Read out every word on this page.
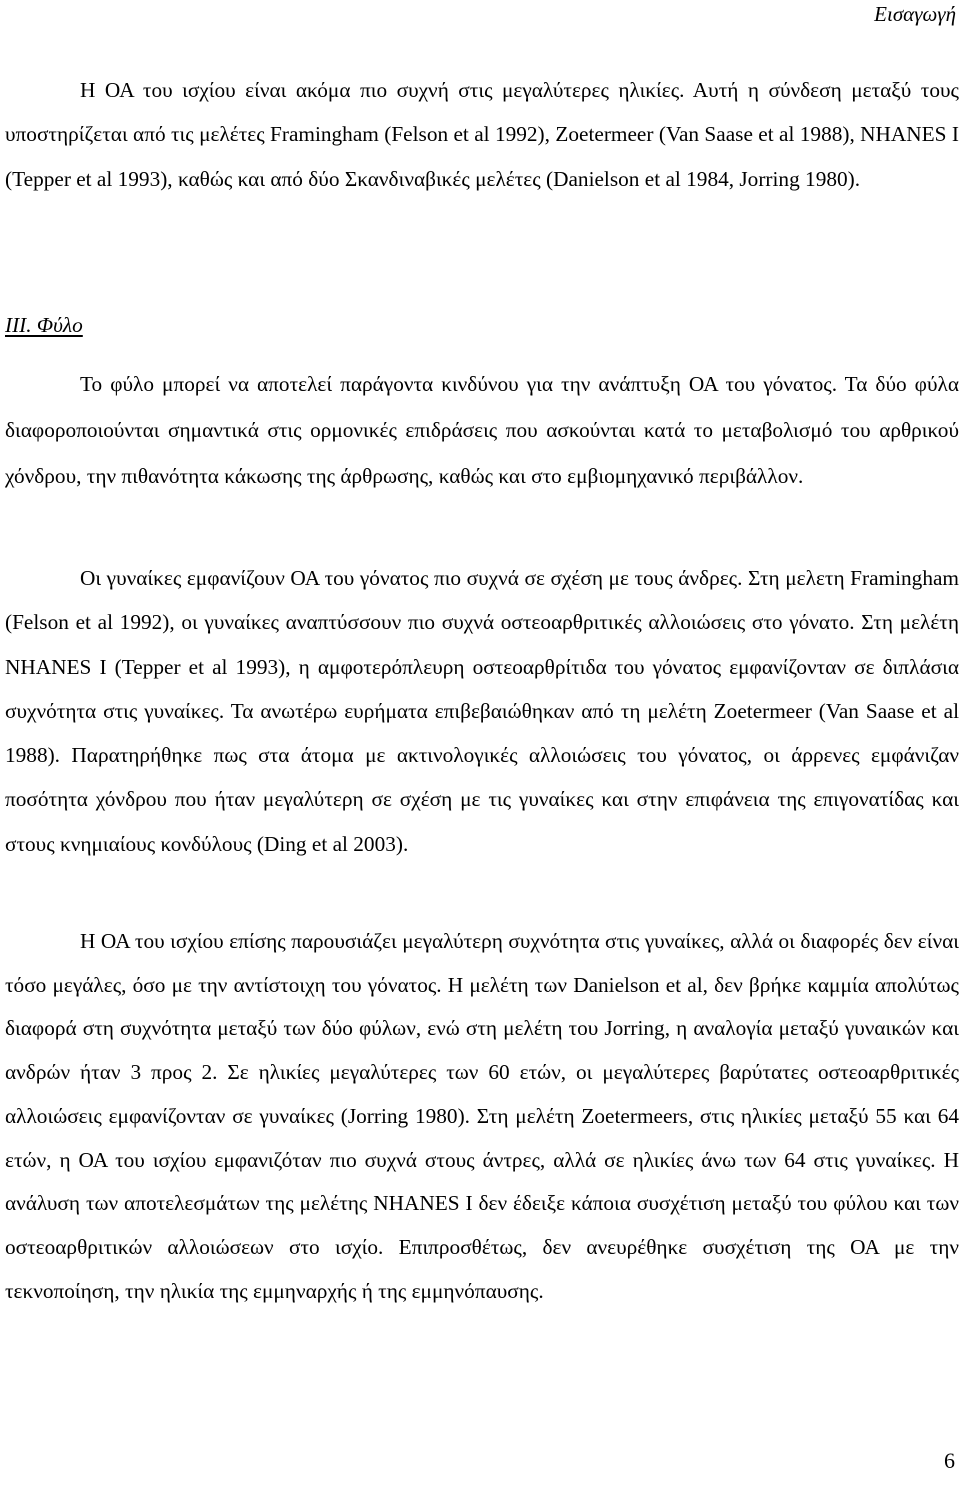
Εισαγωγή

Η ΟΑ του ισχίου είναι ακόμα πιο συχνή στις μεγαλύτερες ηλικίες. Αυτή η σύνδεση μεταξύ τους υποστηρίζεται από τις μελέτες Framingham (Felson et al 1992), Zoetermeer (Van Saase et al 1988), NHANES I (Tepper et al 1993), καθώς και από δύο Σκανδιναβικές μελέτες (Danielson et al 1984, Jorring 1980).

III. Φύλο

Το φύλο μπορεί να αποτελεί παράγοντα κινδύνου για την ανάπτυξη ΟΑ του γόνατος. Τα δύο φύλα διαφοροποιούνται σημαντικά στις ορμονικές επιδράσεις που ασκούνται κατά το μεταβολισμό του αρθρικού χόνδρου, την πιθανότητα κάκωσης της άρθρωσης, καθώς και στο εμβιομηχανικό περιβάλλον.

Οι γυναίκες εμφανίζουν ΟΑ του γόνατος πιο συχνά σε σχέση με τους άνδρες. Στη μελετη Framingham (Felson et al 1992), οι γυναίκες αναπτύσσουν πιο συχνά οστεοαρθριτικές αλλοιώσεις στο γόνατο. Στη μελέτη NHANES I (Tepper et al 1993), η αμφοτερόπλευρη οστεοαρθρίτιδα του γόνατος εμφανίζονταν σε διπλάσια συχνότητα στις γυναίκες. Τα ανωτέρω ευρήματα επιβεβαιώθηκαν από τη μελέτη Zoetermeer (Van Saase et al 1988). Παρατηρήθηκε πως στα άτομα με ακτινολογικές αλλοιώσεις του γόνατος, οι άρρενες εμφάνιζαν ποσότητα χόνδρου που ήταν μεγαλύτερη σε σχέση με τις γυναίκες και στην επιφάνεια της επιγονατίδας και στους κνημιαίους κονδύλους (Ding et al 2003).

Η ΟΑ του ισχίου επίσης παρουσιάζει μεγαλύτερη συχνότητα στις γυναίκες, αλλά οι διαφορές δεν είναι τόσο μεγάλες, όσο με την αντίστοιχη του γόνατος. Η μελέτη των Danielson et al, δεν βρήκε καμμία απολύτως διαφορά στη συχνότητα μεταξύ των δύο φύλων, ενώ στη μελέτη του Jorring, η αναλογία μεταξύ γυναικών και ανδρών ήταν 3 προς 2. Σε ηλικίες μεγαλύτερες των 60 ετών, οι μεγαλύτερες βαρύτατες οστεοαρθριτικές αλλοιώσεις εμφανίζονταν σε γυναίκες (Jorring 1980). Στη μελέτη Zoetermeers, στις ηλικίες μεταξύ 55 και 64 ετών, η ΟΑ του ισχίου εμφανιζόταν πιο συχνά στους άντρες, αλλά σε ηλικίες άνω των 64 στις γυναίκες. Η ανάλυση των αποτελεσμάτων της μελέτης NHANES I δεν έδειξε κάποια συσχέτιση μεταξύ του φύλου και των οστεοαρθριτικών αλλοιώσεων στο ισχίο. Επιπροσθέτως, δεν ανευρέθηκε συσχέτιση της ΟΑ με την τεκνοποίηση, την ηλικία της εμμηναρχής ή της εμμηνόπαυσης.

6
